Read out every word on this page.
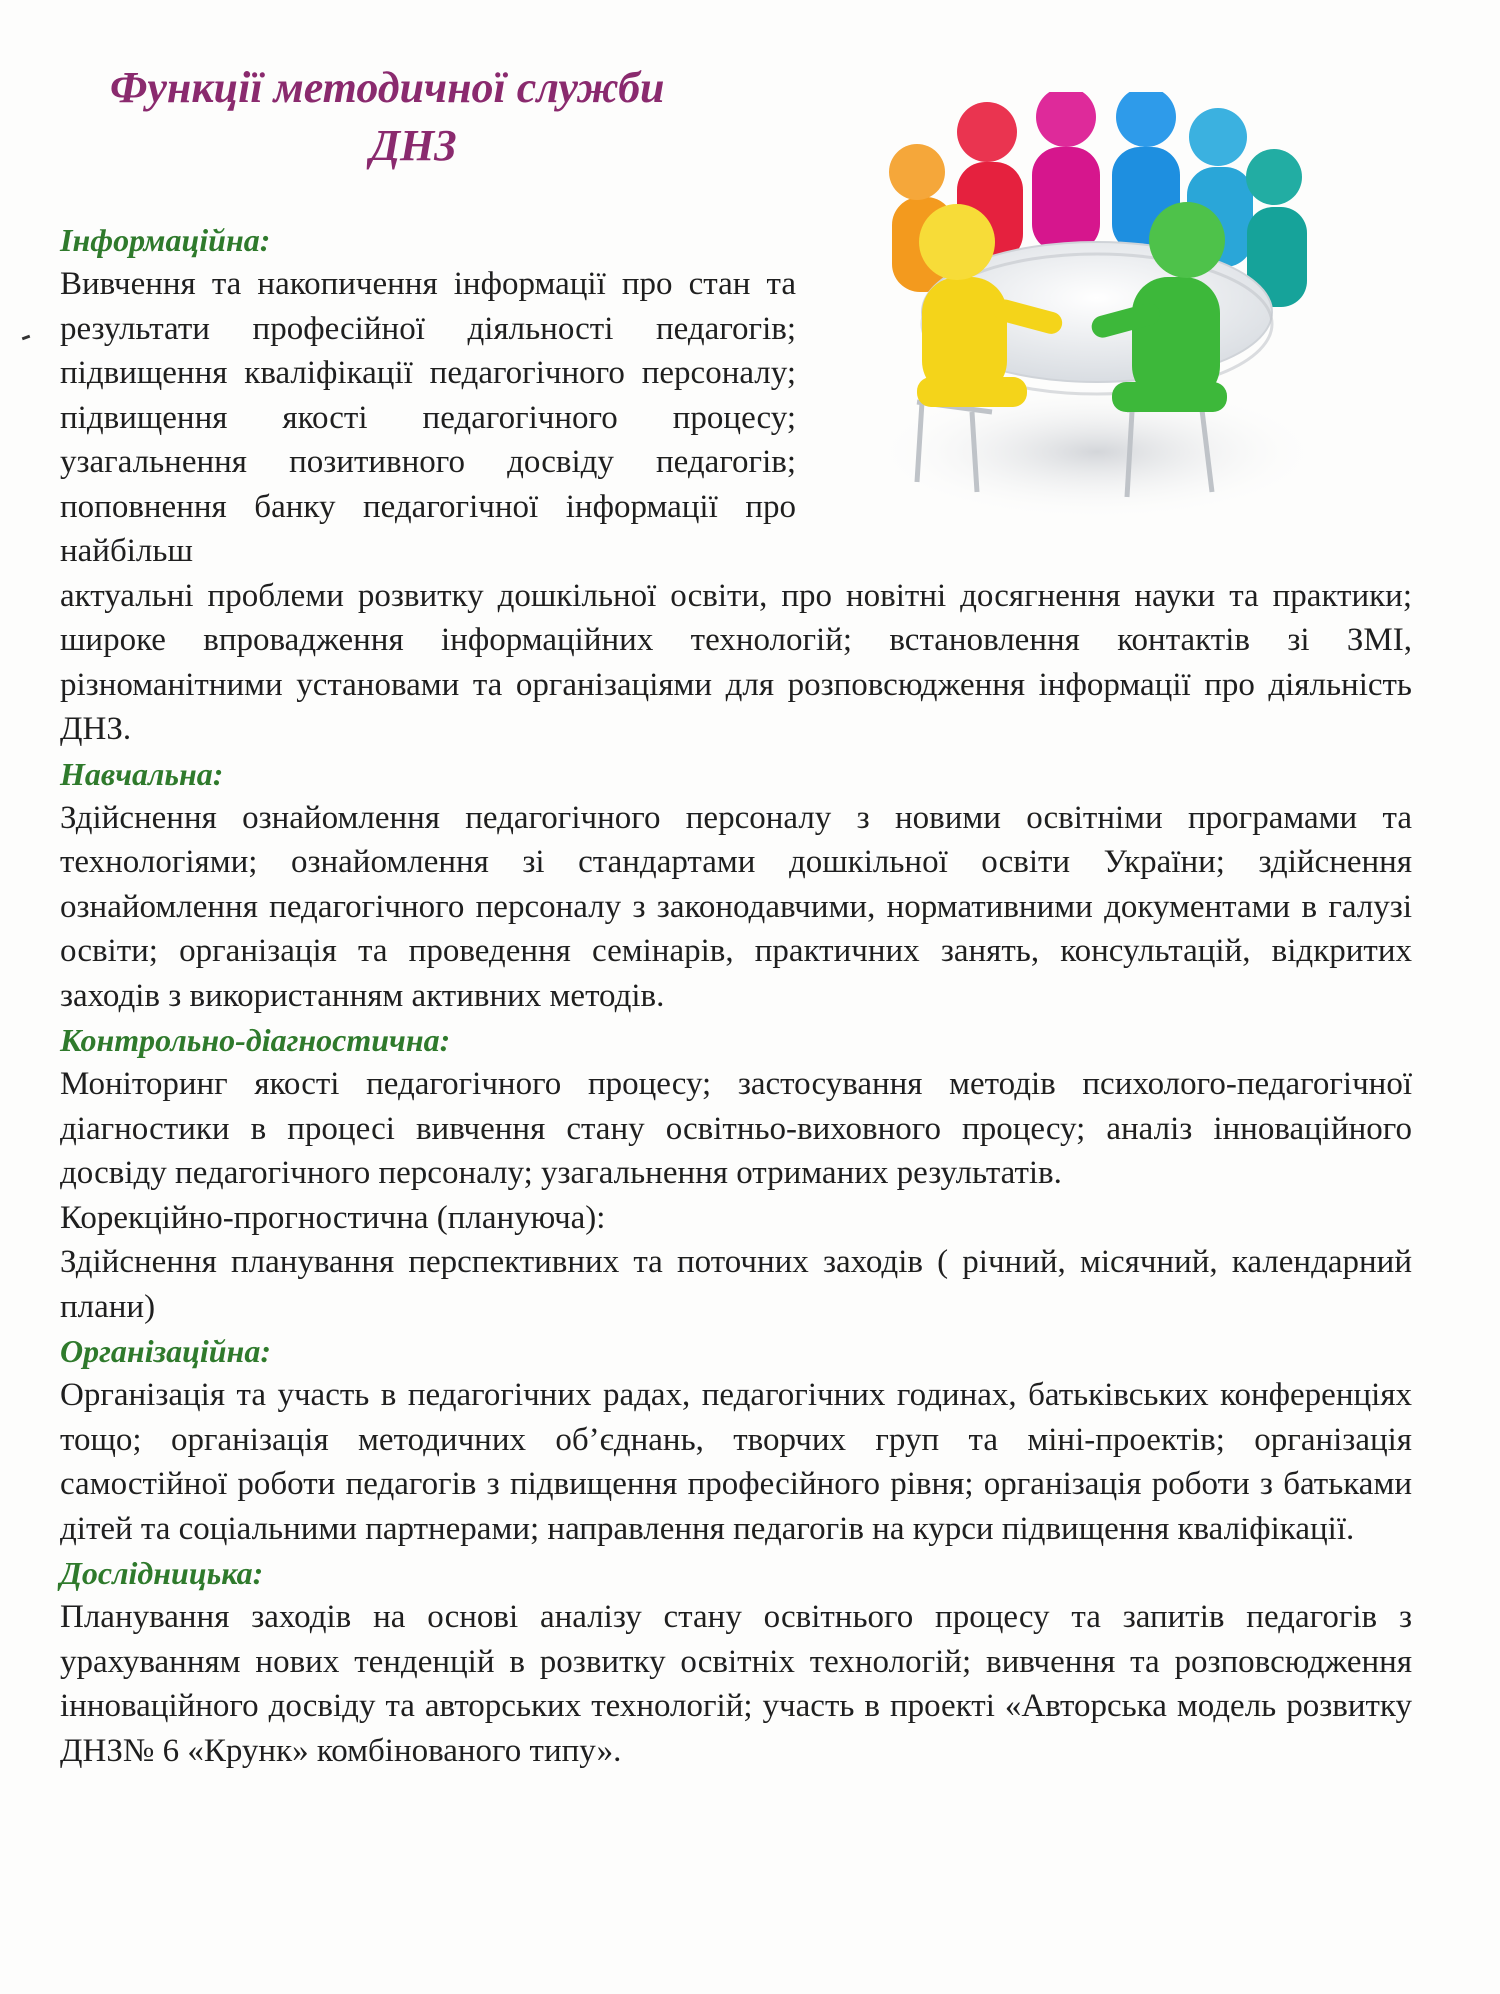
Функції методичної служби
ДНЗ
Інформаційна:
Вивчення та накопичення інформації про стан та результати професійної діяльності педагогів; підвищення кваліфікації педагогічного персоналу; підвищення якості педагогічного процесу; узагальнення позитивного досвіду педагогів; поповнення банку педагогічної інформації про найбільш
актуальні проблеми розвитку дошкільної освіти, про новітні досягнення науки та практики; широке впровадження інформаційних технологій; встановлення контактів зі ЗМІ, різноманітними установами та організаціями для розповсюдження інформації про діяльність ДНЗ.
Навчальна:
Здійснення ознайомлення педагогічного персоналу з новими освітніми програмами та технологіями; ознайомлення зі стандартами дошкільної освіти України; здійснення ознайомлення педагогічного персоналу з законодавчими, нормативними документами в галузі освіти; організація та проведення семінарів, практичних занять, консультацій, відкритих заходів з використанням активних методів.
Контрольно-діагностична:
Моніторинг якості педагогічного процесу; застосування методів психолого-педагогічної діагностики в процесі вивчення стану освітньо-виховного процесу; аналіз інноваційного досвіду педагогічного персоналу; узагальнення отриманих результатів.
Корекційно-прогностична (плануюча):
Здійснення планування перспективних та поточних заходів ( річний, місячний, календарний плани)
Організаційна:
Організація та участь в педагогічних радах, педагогічних годинах, батьківських конференціях тощо; організація методичних об’єднань, творчих груп та міні-проектів; організація самостійної роботи педагогів з підвищення професійного рівня; організація роботи з батьками дітей та соціальними партнерами; направлення педагогів на курси підвищення кваліфікації.
Дослідницька:
Планування заходів на основі аналізу стану освітнього процесу та запитів педагогів з урахуванням нових тенденцій в розвитку освітніх технологій; вивчення та розповсюдження інноваційного досвіду та авторських технологій; участь в проекті «Авторська модель розвитку ДНЗ№ 6 «Крунк» комбінованого типу».
